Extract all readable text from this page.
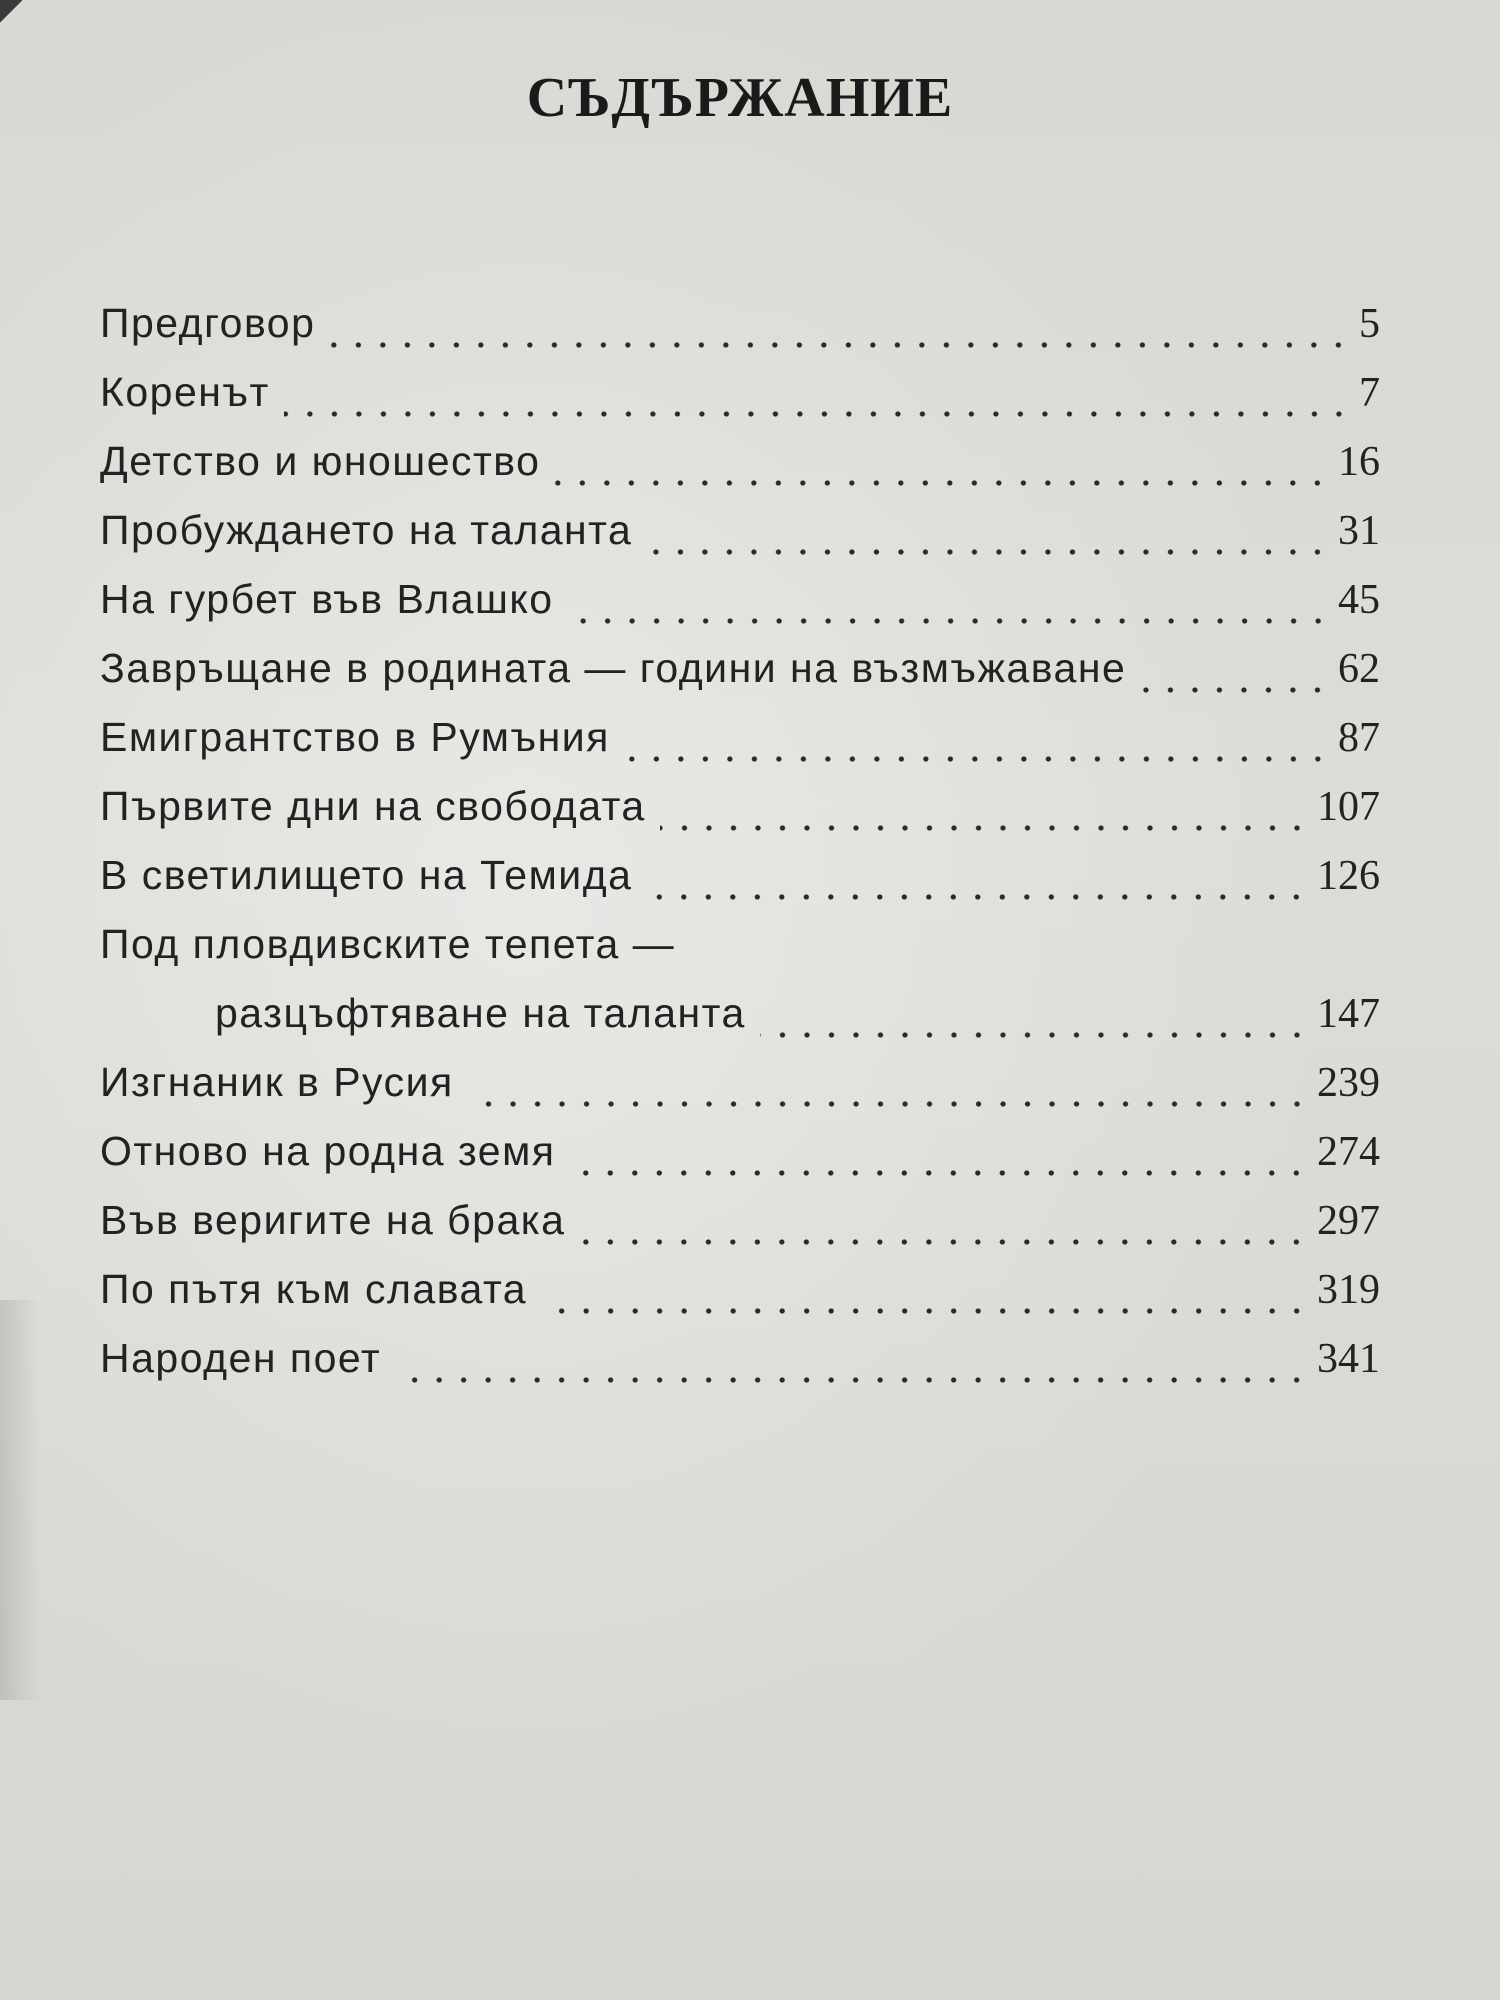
СЪДЪРЖАНИЕ
Предговор	5
Коренът	7
Детство и юношество	16
Пробуждането на таланта	31
На гурбет във Влашко	45
Завръщане в родината — години на възмъжаване	62
Емигрантство в Румъния	87
Първите дни на свободата	107
В светилището на Темида	126
Под пловдивските тепета —
разцъфтяване на таланта	147
Изгнаник в Русия	239
Отново на родна земя	274
Във веригите на брака	297
По пътя към славата	319
Народен поет	341
